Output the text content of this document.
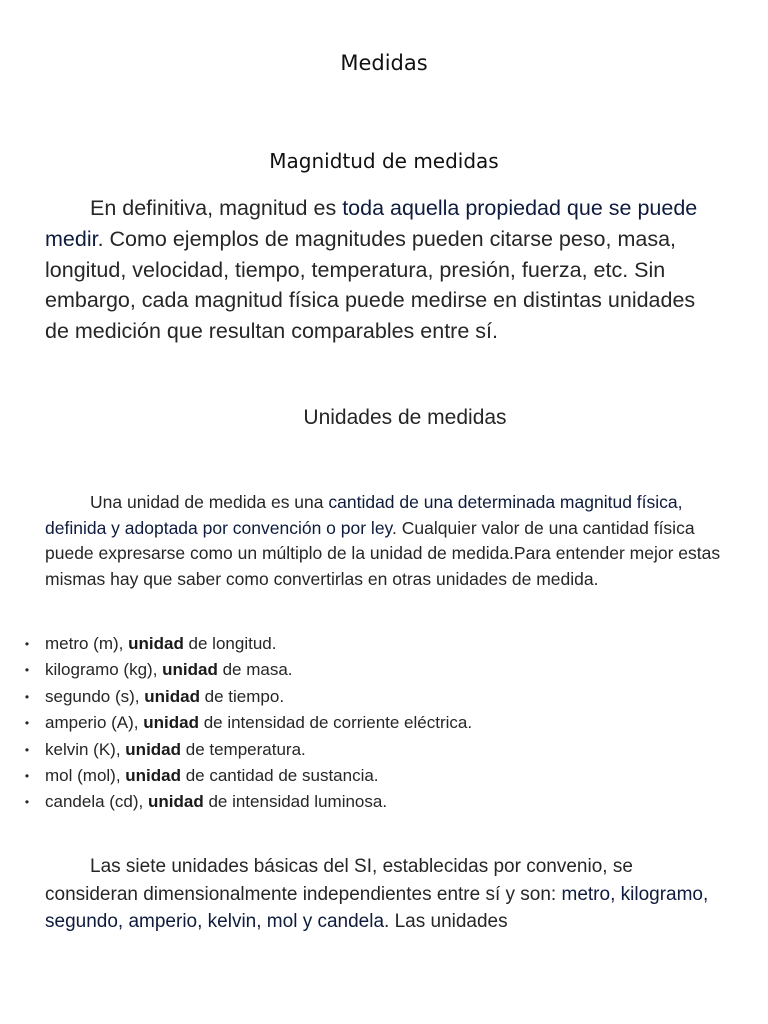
Medidas
Magnidtud de medidas

En definitiva, magnitud es toda aquella propiedad que se puede medir. Como ejemplos de magnitudes pueden citarse peso, masa, longitud, velocidad, tiempo, temperatura, presión, fuerza, etc. Sin embargo, cada magnitud física puede medirse en distintas unidades de medición que resultan comparables entre sí.

Unidades de medidas

Una unidad de medida es una cantidad de una determinada magnitud física, definida y adoptada por convención o por ley. Cualquier valor de una cantidad física puede expresarse como un múltiplo de la unidad de medida.Para entender mejor estas mismas hay que saber como convertirlas en otras unidades de medida.

• metro (m), unidad de longitud.
• kilogramo (kg), unidad de masa.
• segundo (s), unidad de tiempo.
• amperio (A), unidad de intensidad de corriente eléctrica.
• kelvin (K), unidad de temperatura.
• mol (mol), unidad de cantidad de sustancia.
• candela (cd), unidad de intensidad luminosa.

Las siete unidades básicas del SI, establecidas por convenio, se consideran dimensionalmente independientes entre sí y son: metro, kilogramo, segundo, amperio, kelvin, mol y candela. Las unidades
